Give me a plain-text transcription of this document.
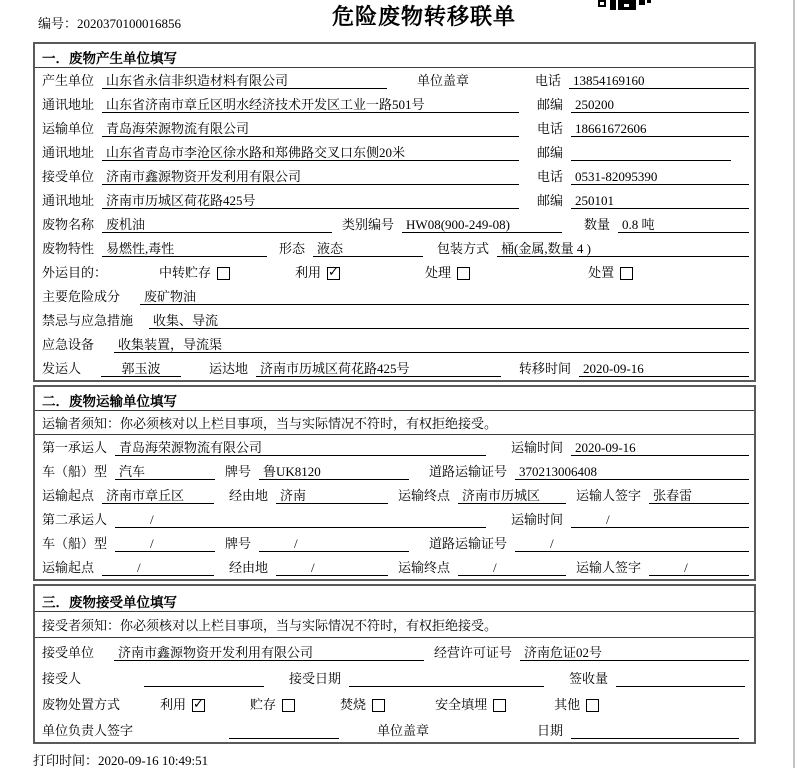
编号：2020370100016856	危险废物转移联单
一．废物产生单位填写
产生单位 山东省永信非织造材料有限公司	单位盖章	电话 13854169160
通讯地址 山东省济南市章丘区明水经济技术开发区工业一路501号	邮编 250200
运输单位 青岛海荣源物流有限公司	电话 18661672606
通讯地址 山东省青岛市李沧区徐水路和郑佛路交叉口东侧20米	邮编
接受单位 济南市鑫源物资开发利用有限公司	电话 0531-82095390
通讯地址 济南市历城区荷花路425号	邮编 250101
废物名称 废机油	类别编号 HW08(900-249-08)	数量 0.8 吨
废物特性 易燃性,毒性	形态 液态	包装方式 桶(金属,数量 4 )
外运目的：	中转贮存	利用 ✓	处理	处置
主要危险成分	废矿物油
禁忌与应急措施	收集、导流
应急设备	收集装置，导流渠
发运人	郭玉波	运达地 济南市历城区荷花路425号	转移时间 2020-09-16
二．废物运输单位填写
运输者须知：你必须核对以上栏目事项，当与实际情况不符时，有权拒绝接受。
第一承运人 青岛海荣源物流有限公司	运输时间 2020-09-16
车（船）型 汽车	牌号 鲁UK8120	道路运输证号 370213006408
运输起点 济南市章丘区	经由地 济南	运输终点 济南市历城区	运输人签字 张春雷
第二承运人	/	运输时间	/
车（船）型	/	牌号	/	道路运输证号	/
运输起点	/	经由地	/	运输终点	/	运输人签字	/
三．废物接受单位填写
接受者须知：你必须核对以上栏目事项，当与实际情况不符时，有权拒绝接受。
接受单位	济南市鑫源物资开发利用有限公司	经营许可证号 济南危证02号
接受人	接受日期	签收量
废物处置方式	利用 ✓	贮存	焚烧	安全填埋	其他
单位负责人签字	单位盖章	日期
打印时间：2020-09-16 10:49:51
